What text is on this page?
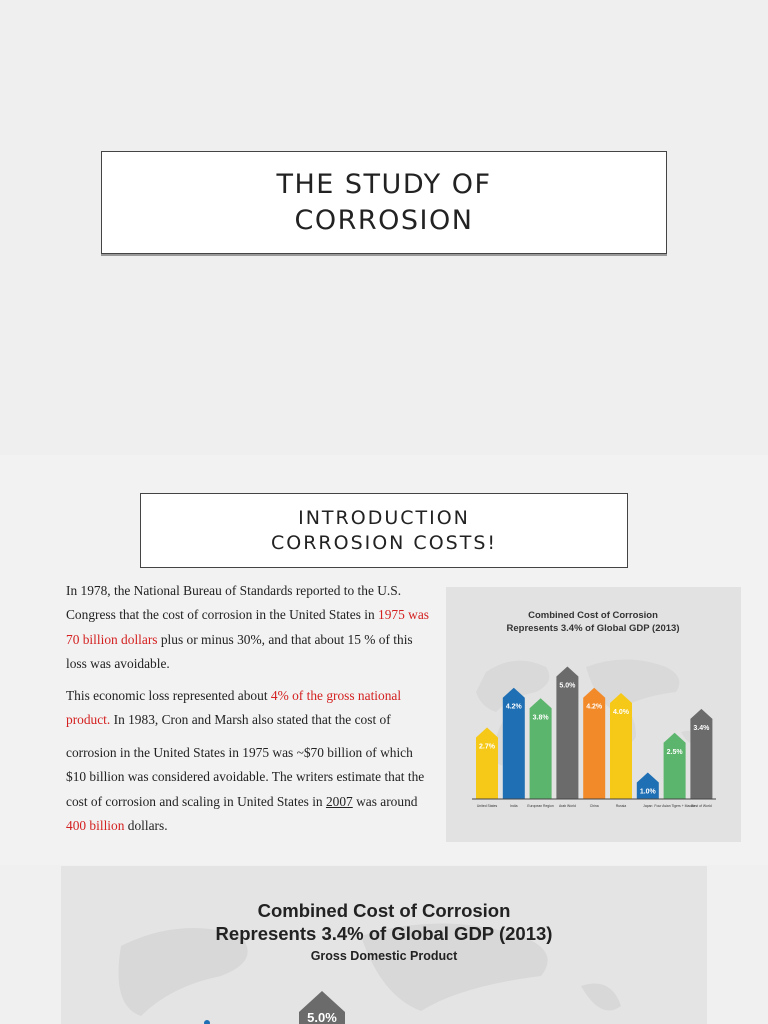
THE STUDY OF
CORROSION
INTRODUCTION
CORROSION COSTS!

In 1978, the National Bureau of Standards reported to the U.S. Congress that the cost of corrosion in the United States in 1975 was 70 billion dollars plus or minus 30%, and that about 15 % of this loss was avoidable.

This economic loss represented about 4% of the gross national product. In 1983, Cron and Marsh also stated that the cost of

corrosion in the United States in 1975 was ~$70 billion of which $10 billion was considered avoidable. The writers estimate that the cost of corrosion and scaling in United States in 2007 was around 400 billion dollars.

Combined Cost of Corrosion
Represents 3.4% of Global GDP (2013)
2.7%
4.2%
3.8%
5.0%
4.2%
4.0%
1.0%
2.5%
3.4%
United States	India	European Region Arab World	China	Russia	Japan Four Asian Tigers + Macau
Rest of World
5.0%
Combined Cost of Corrosion
Represents 3.4% of Global GDP (2013)
Gross Domestic Product
